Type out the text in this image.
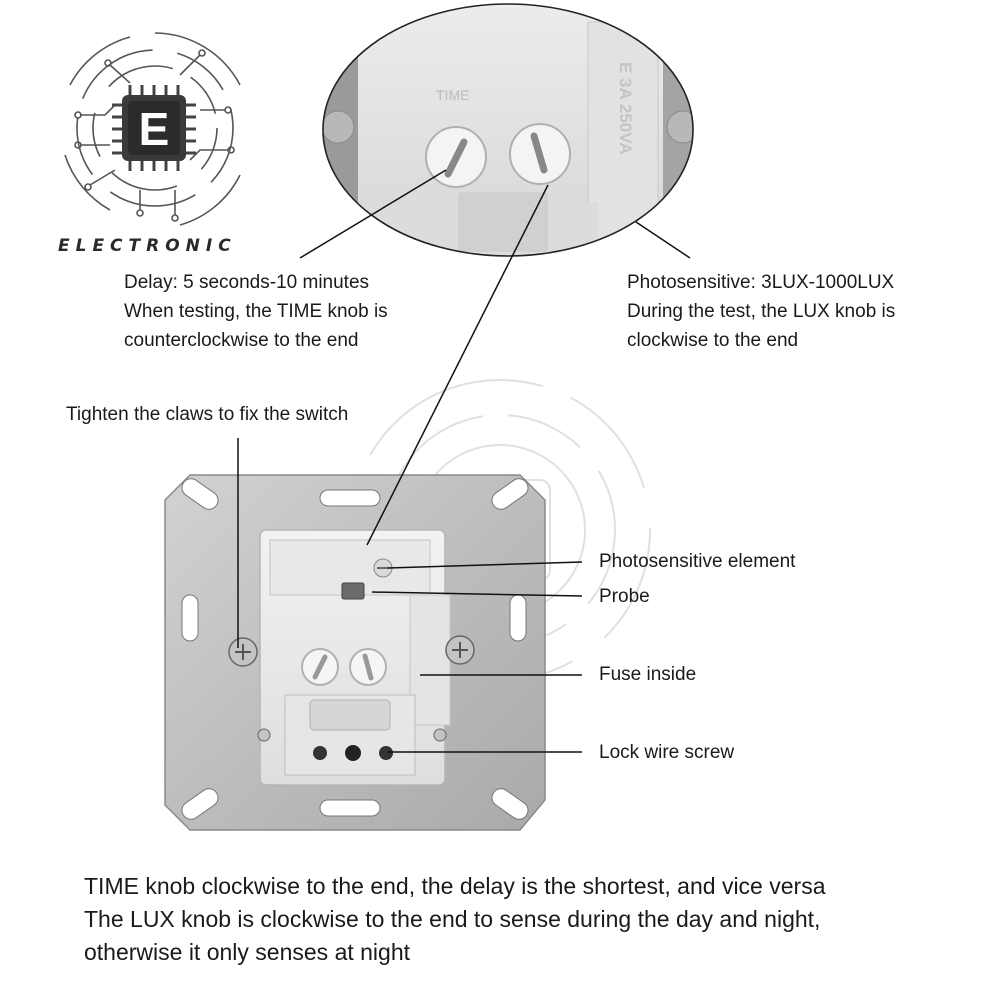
E
ELECTRONIC
TIME	E 3A 250VA
Delay: 5 seconds-10 minutes
When testing, the TIME knob is
counterclockwise to the end
Photosensitive: 3LUX-1000LUX
During the test, the LUX knob is
clockwise to the end
Tighten the claws to fix the switch
Photosensitive element
Probe
Fuse inside
Lock wire screw
TIME knob clockwise to the end, the delay is the shortest, and vice versa
The LUX knob is clockwise to the end to sense during the day and night,
otherwise it only senses at night
